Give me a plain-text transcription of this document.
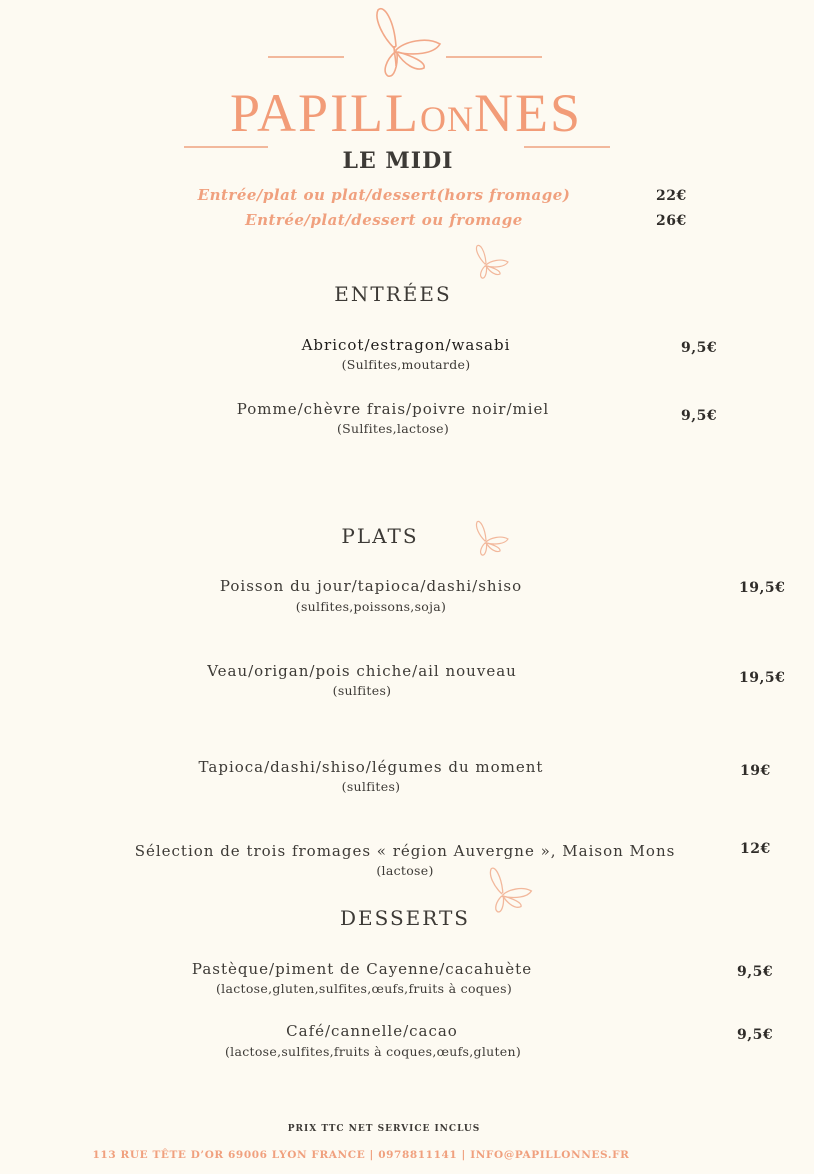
PAPILLONNES
LE MIDI
Entrée/plat ou plat/dessert(hors fromage)	22€
Entrée/plat/dessert ou fromage	26€
ENTRÉES
Abricot/estragon/wasabi
(Sulfites,moutarde)
9,5€
Pomme/chèvre frais/poivre noir/miel
(Sulfites,lactose)
9,5€
PLATS
Poisson du jour/tapioca/dashi/shiso
(sulfites,poissons,soja)
19,5€
Veau/origan/pois chiche/ail nouveau
(sulfites)
19,5€
Tapioca/dashi/shiso/légumes du moment
(sulfites)
19€
Sélection de trois fromages « région Auvergne », Maison Mons
(lactose)
12€
DESSERTS
Pastèque/piment de Cayenne/cacahuète
(lactose,gluten,sulfites,œufs,fruits à coques)
9,5€
Café/cannelle/cacao
(lactose,sulfites,fruits à coques,œufs,gluten)
9,5€
PRIX TTC NET SERVICE INCLUS
113 RUE TÊTE D’OR 69006 LYON FRANCE | 0978811141 | INFO@PAPILLONNES.FR
